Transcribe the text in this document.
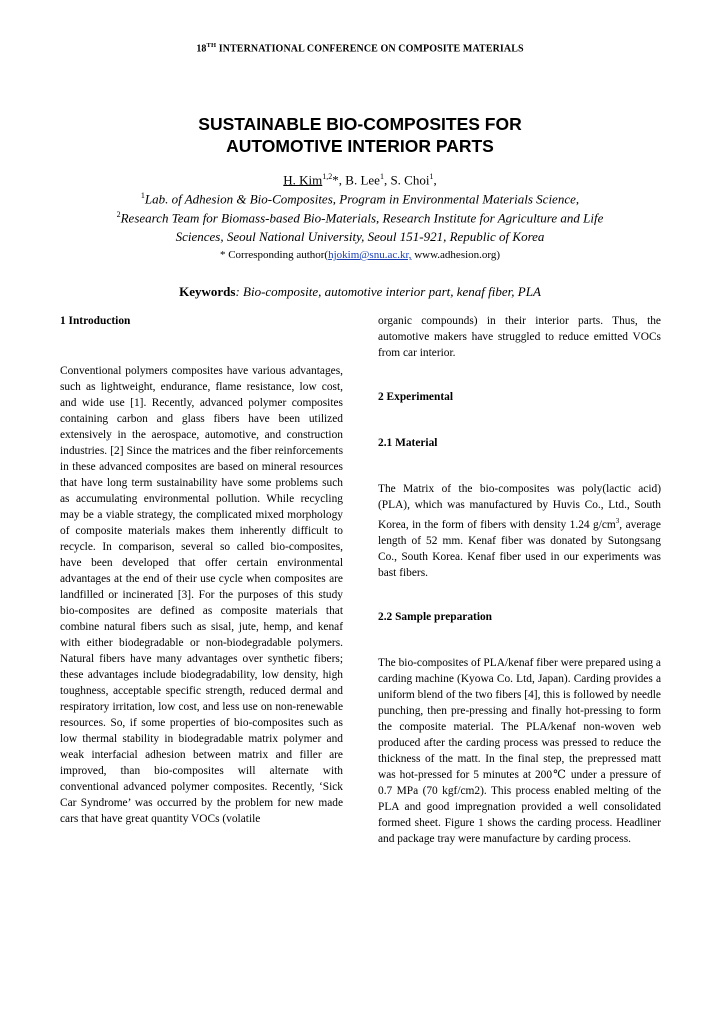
18TH INTERNATIONAL CONFERENCE ON COMPOSITE MATERIALS
SUSTAINABLE BIO-COMPOSITES FOR
AUTOMOTIVE INTERIOR PARTS
H. Kim$^{1,2}$*, B. Lee$^1$, S. Choi$^1$,
$^1$Lab. of Adhesion & Bio-Composites, Program in Environmental Materials Science,
$^2$Research Team for Biomass-based Bio-Materials, Research Institute for Agriculture and Life
Sciences, Seoul National University, Seoul 151-921, Republic of Korea
* Corresponding author(hjokim@snu.ac.kr, www.adhesion.org)
Keywords: Bio-composite, automotive interior part, kenaf fiber, PLA
1 Introduction

Conventional polymers composites have various advantages, such as lightweight, endurance, flame resistance, low cost, and wide use [1]. Recently, advanced polymer composites containing carbon and glass fibers have been utilized extensively in the aerospace, automotive, and construction industries. [2] Since the matrices and the fiber reinforcements in these advanced composites are based on mineral resources that have long term sustainability have some problems such as accumulating environmental pollution. While recycling may be a viable strategy, the complicated mixed morphology of composite materials makes them inherently difficult to recycle. In comparison, several so called bio-composites, have been developed that offer certain environmental advantages at the end of their use cycle when composites are landfilled or incinerated [3]. For the purposes of this study bio-composites are defined as composite materials that combine natural fibers such as sisal, jute, hemp, and kenaf with either biodegradable or non-biodegradable polymers. Natural fibers have many advantages over synthetic fibers; these advantages include biodegradability, low density, high toughness, acceptable specific strength, reduced dermal and respiratory irritation, low cost, and less use on non-renewable resources. So, if some properties of bio-composites such as low thermal stability in biodegradable matrix polymer and weak interfacial adhesion between matrix and filler are improved, than bio-composites will alternate with conventional advanced polymer composites. Recently, ‘Sick Car Syndrome’ was occurred by the problem for new made cars that have great quantity VOCs (volatile

organic compounds) in their interior parts. Thus, the automotive makers have struggled to reduce emitted VOCs from car interior.

2 Experimental
2.1 Material

The Matrix of the bio-composites was poly(lactic acid) (PLA), which was manufactured by Huvis Co., Ltd., South Korea, in the form of fibers with density 1.24 $g/cm^3$, average length of 52 mm. Kenaf fiber was donated by Sutongsang Co., South Korea. Kenaf fiber used in our experiments was bast fibers.

2.2 Sample preparation

The bio-composites of PLA/kenaf fiber were prepared using a carding machine (Kyowa Co. Ltd, Japan). Carding provides a uniform blend of the two fibers [4], this is followed by needle punching, then pre-pressing and finally hot-pressing to form the composite material. The PLA/kenaf non-woven web produced after the carding process was pressed to reduce the thickness of the matt. In the final step, the prepressed matt was hot-pressed for 5 minutes at 200℃ under a pressure of 0.7 MPa (70 kgf/cm2). This process enabled melting of the PLA and good impregnation provided a well consolidated formed sheet. Figure 1 shows the carding process. Headliner and package tray were manufacture by carding process.
